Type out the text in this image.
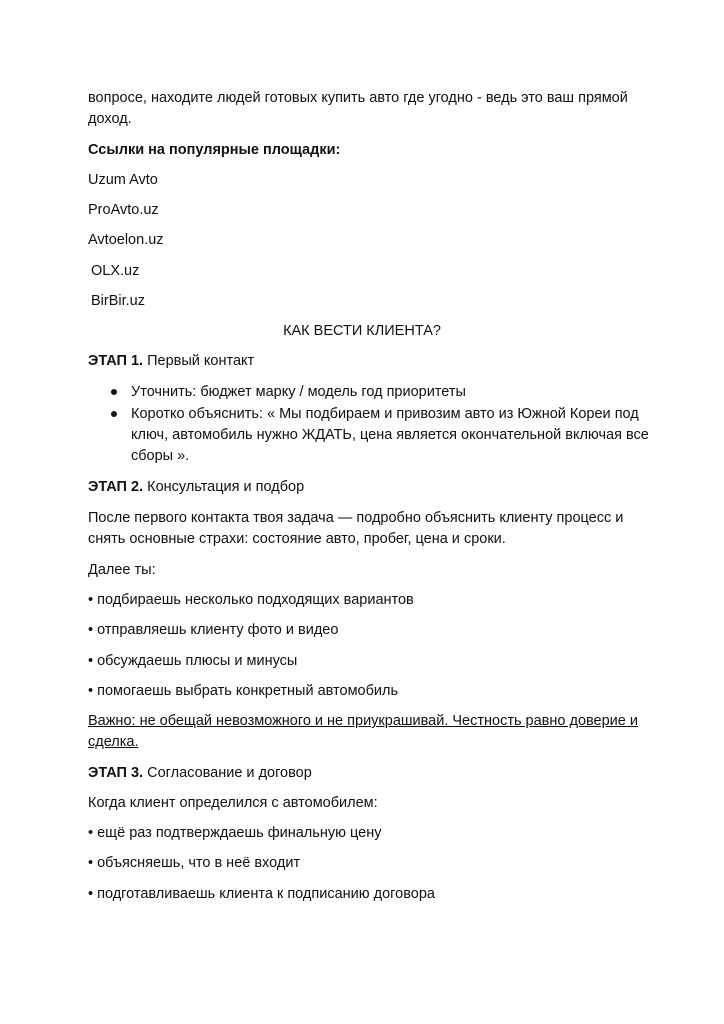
вопросе, находите людей готовых купить авто где угодно - ведь это ваш прямой
доход.
Ссылки на популярные площадки:
Uzum Avto
ProAvto.uz
Avtoelon.uz
OLX.uz
BirBir.uz
КАК ВЕСТИ КЛИЕНТА?
ЭТАП 1. Первый контакт
Уточнить: бюджет марку / модель год приоритеты
Коротко объяснить: « Мы подбираем и привозим авто из Южной Кореи под
ключ, автомобиль нужно ЖДАТЬ, цена является окончательной включая все
сборы ».
ЭТАП 2. Консультация и подбор
После первого контакта твоя задача — подробно объяснить клиенту процесс и
снять основные страхи: состояние авто, пробег, цена и сроки.
Далее ты:
• подбираешь несколько подходящих вариантов
• отправляешь клиенту фото и видео
• обсуждаешь плюсы и минусы
• помогаешь выбрать конкретный автомобиль
Важно: не обещай невозможного и не приукрашивай. Честность равно доверие и
сделка.
ЭТАП 3. Согласование и договор
Когда клиент определился с автомобилем:
• ещё раз подтверждаешь финальную цену
• объясняешь, что в неё входит
• подготавливаешь клиента к подписанию договора
